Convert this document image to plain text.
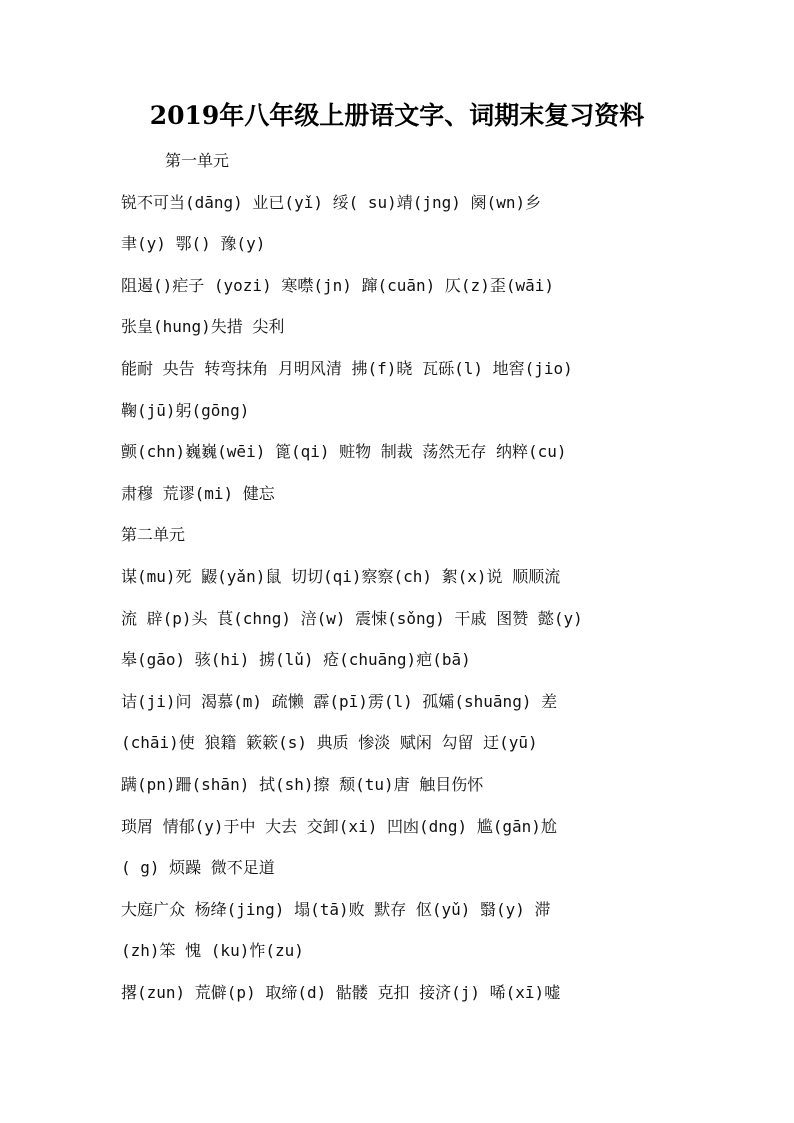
2019年八年级上册语文字、词期末复习资料
第一单元
锐不可当(dāng) 业已(yǐ) 绥( su)靖(jng) 阕(wn)乡
聿(y) 鄂() 豫(y)
阻遏()疟子 (yozi) 寒噤(jn) 蹿(cuān) 仄(z)歪(wāi)
张皇(hung)失措 尖利
能耐 央告 转弯抹角 月明风清 拂(f)晓 瓦砾(l) 地窖(jio)
鞠(jū)躬(gōng)
颤(chn)巍巍(wēi) 篦(qi) 赃物 制裁 荡然无存 纳粹(cu)
肃穆 荒谬(mi) 健忘
第二单元
谋(mu)死 鼹(yǎn)鼠 切切(qi)察察(ch) 絮(x)说 顺顺流
流 辟(p)头 茛(chng) 涪(w) 震悚(sǒng) 干戚 图赞 懿(y)
皋(gāo) 骇(hi) 掳(lǔ) 疮(chuāng)疤(bā)
诘(ji)问 渴慕(m) 疏懒 霹(pī)雳(l) 孤孀(shuāng) 差
(chāi)使 狼籍 簌簌(s) 典质 惨淡 赋闲 勾留 迂(yū)
蹒(pn)跚(shān) 拭(sh)擦 颓(tu)唐 触目伤怀
琐屑 情郁(y)于中 大去 交卸(xi) 凹凼(dng) 尴(gān)尬
( g) 烦躁 微不足道
大庭广众 杨绛(jing) 塌(tā)败 默存 伛(yǔ) 翳(y) 滞
(zh)笨 愧 (ku)怍(zu)
撂(zun) 荒僻(p) 取缔(d) 骷髅 克扣 接济(j) 唏(xī)嘘
